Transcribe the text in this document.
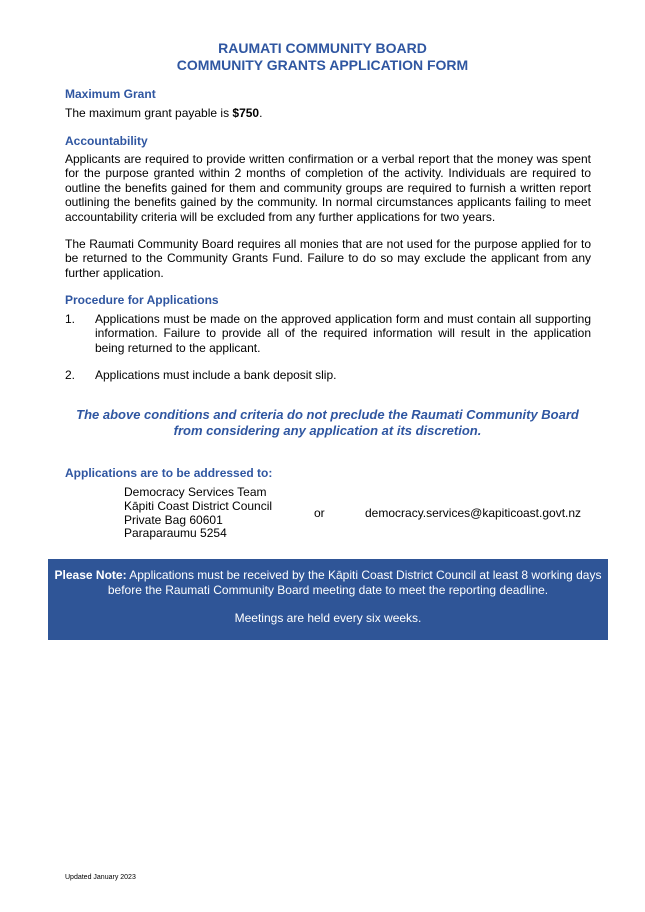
RAUMATI COMMUNITY BOARD
COMMUNITY GRANTS APPLICATION FORM
Maximum Grant
The maximum grant payable is $750.
Accountability
Applicants are required to provide written confirmation or a verbal report that the money was spent for the purpose granted within 2 months of completion of the activity. Individuals are required to outline the benefits gained for them and community groups are required to furnish a written report outlining the benefits gained by the community. In normal circumstances applicants failing to meet accountability criteria will be excluded from any further applications for two years.
The Raumati Community Board requires all monies that are not used for the purpose applied for to be returned to the Community Grants Fund. Failure to do so may exclude the applicant from any further application.
Procedure for Applications
1. Applications must be made on the approved application form and must contain all supporting information. Failure to provide all of the required information will result in the application being returned to the applicant.
2. Applications must include a bank deposit slip.
The above conditions and criteria do not preclude the Raumati Community Board
from considering any application at its discretion.
Applications are to be addressed to:
Democracy Services Team
Kāpiti Coast District Council
Private Bag 60601
Paraparaumu 5254
or	democracy.services@kapiticoast.govt.nz
Please Note: Applications must be received by the Kāpiti Coast District Council at least 8 working days before the Raumati Community Board meeting date to meet the reporting deadline.
Meetings are held every six weeks.
Updated January 2023
